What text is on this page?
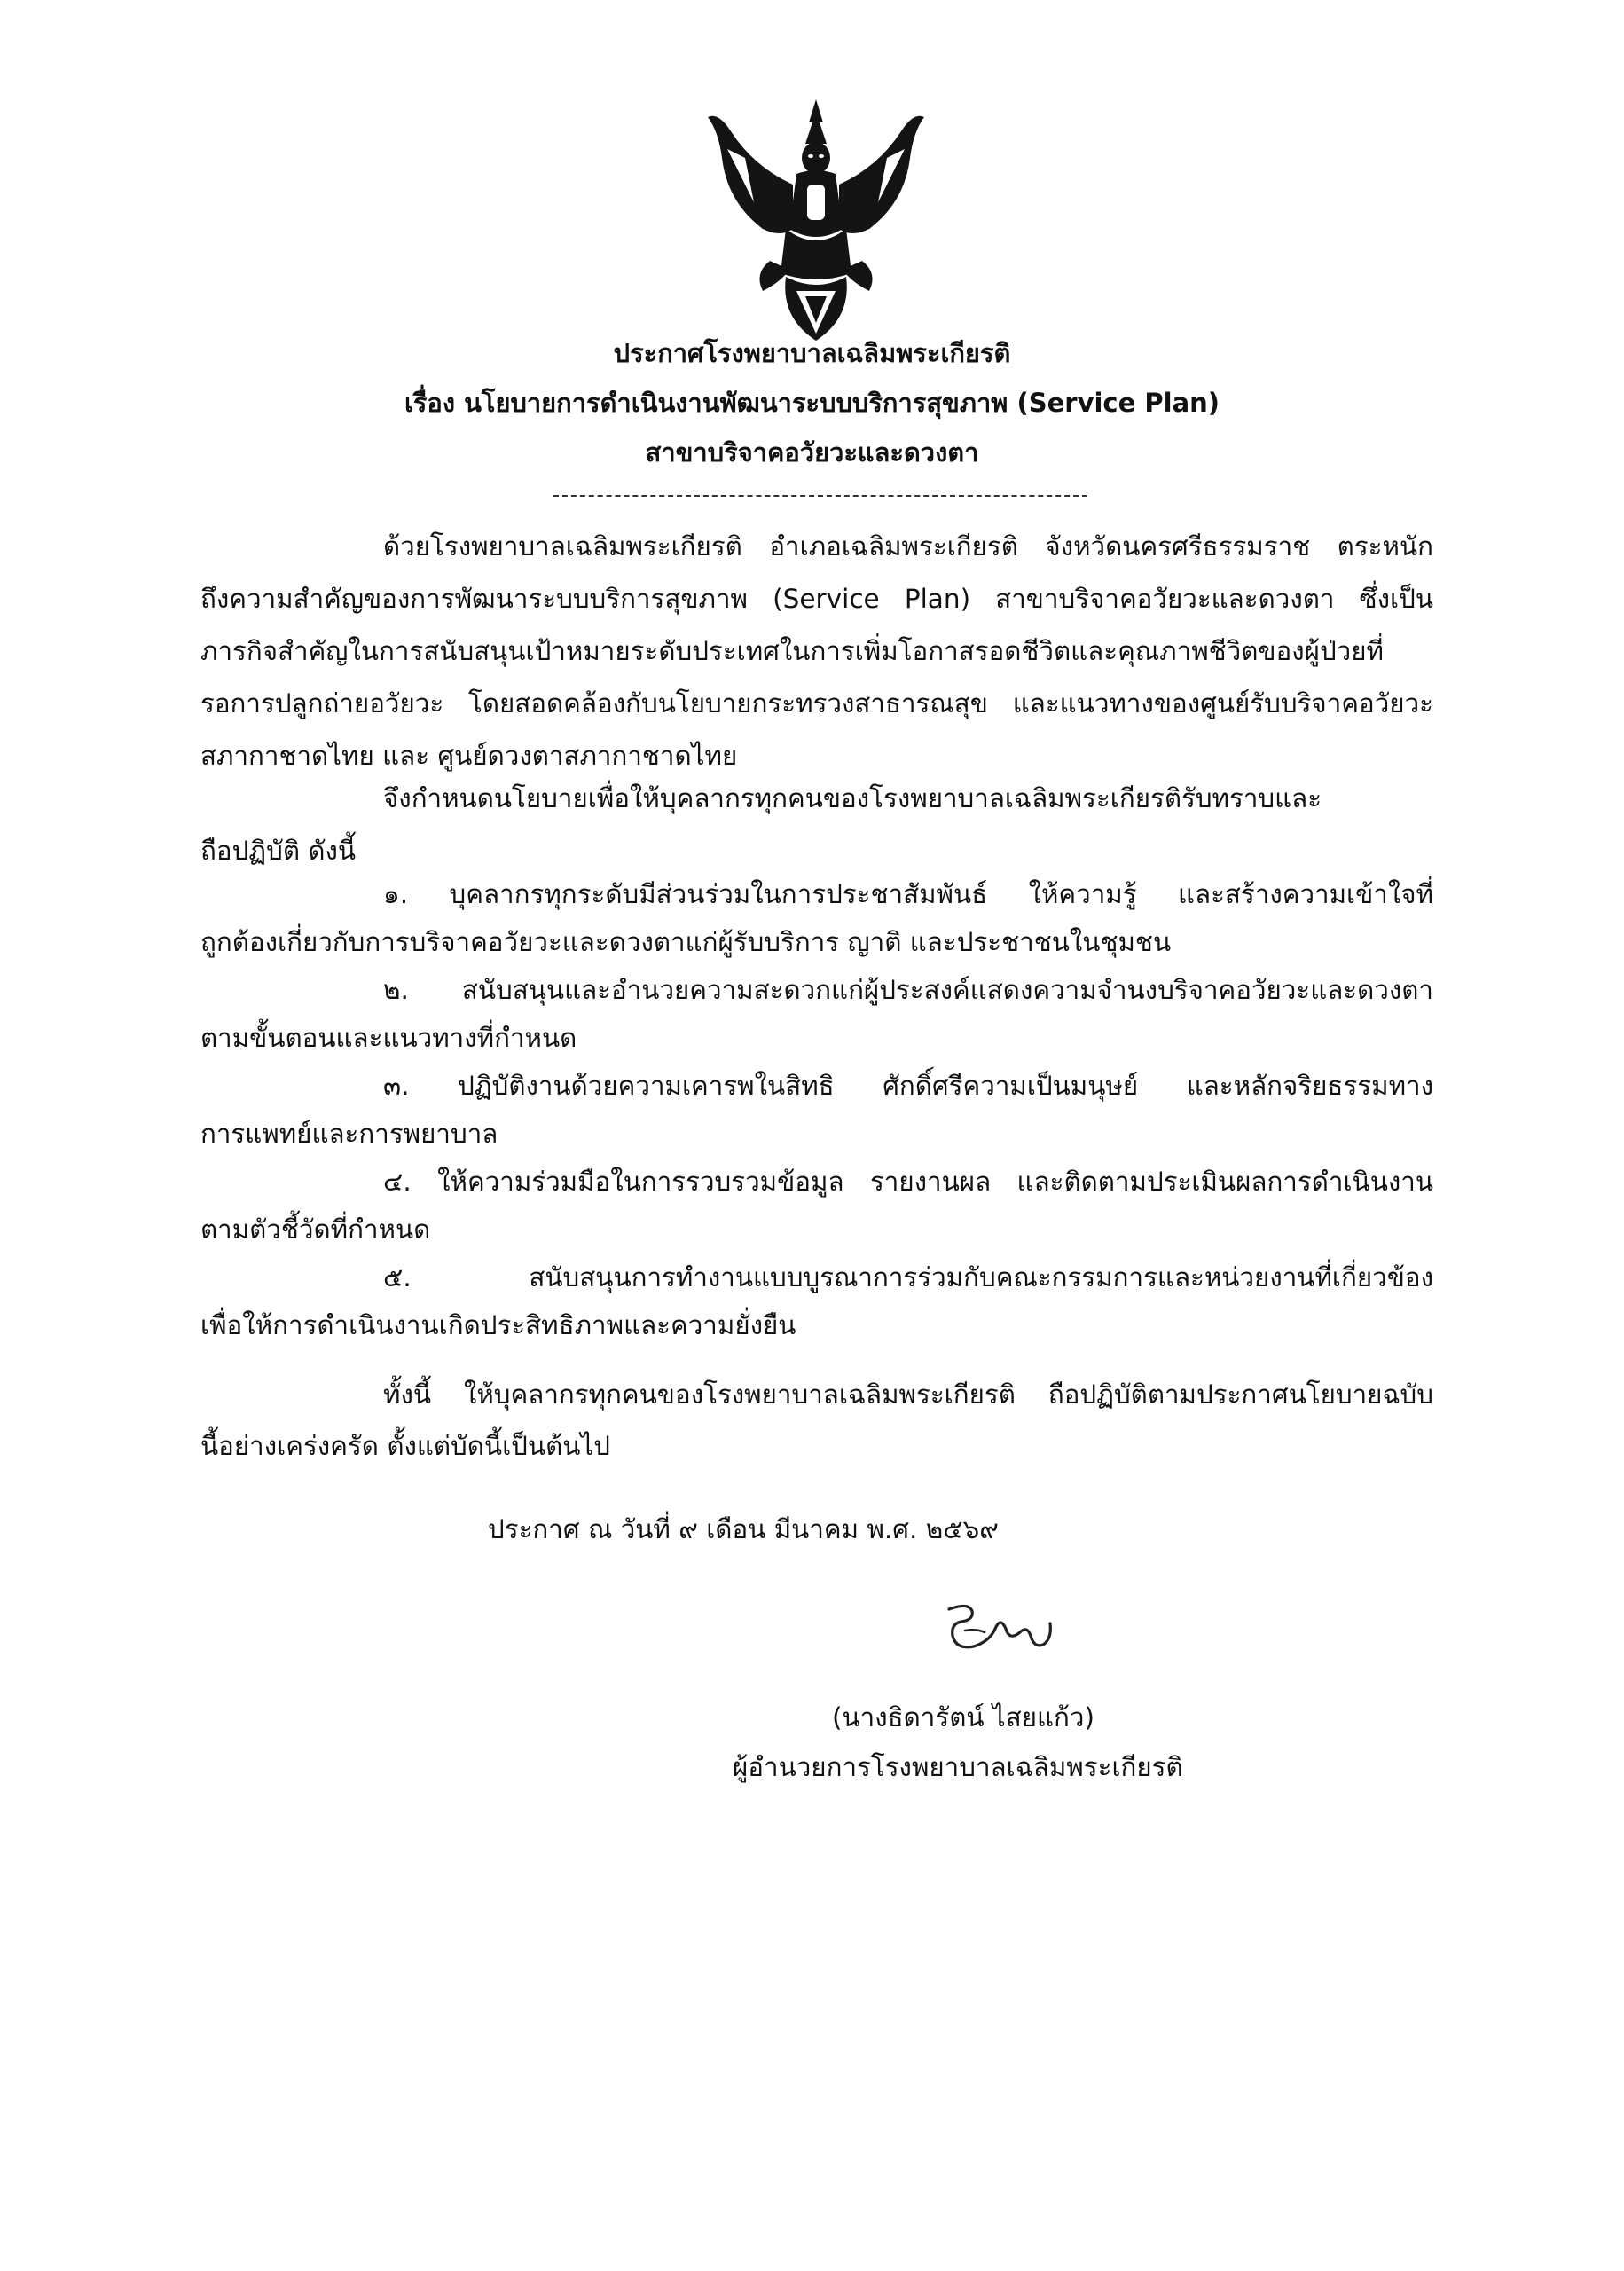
ประกาศโรงพยาบาลเฉลิมพระเกียรติ
เรื่อง นโยบายการดำเนินงานพัฒนาระบบบริการสุขภาพ (Service Plan)
สาขาบริจาคอวัยวะและดวงตา
ด้วยโรงพยาบาลเฉลิมพระเกียรติ อำเภอเฉลิมพระเกียรติ จังหวัดนครศรีธรรมราช ตระหนัก
ถึงความสำคัญของการพัฒนาระบบบริการสุขภาพ (Service Plan) สาขาบริจาคอวัยวะและดวงตา ซึ่งเป็น
ภารกิจสำคัญในการสนับสนุนเป้าหมายระดับประเทศในการเพิ่มโอกาสรอดชีวิตและคุณภาพชีวิตของผู้ป่วยที่
รอการปลูกถ่ายอวัยวะ โดยสอดคล้องกับนโยบายกระทรวงสาธารณสุข และแนวทางของศูนย์รับบริจาคอวัยวะ
สภากาชาดไทย และ ศูนย์ดวงตาสภากาชาดไทย
จึงกำหนดนโยบายเพื่อให้บุคลากรทุกคนของโรงพยาบาลเฉลิมพระเกียรติรับทราบและ
ถือปฏิบัติ ดังนี้
๑. บุคลากรทุกระดับมีส่วนร่วมในการประชาสัมพันธ์ ให้ความรู้ และสร้างความเข้าใจที่
ถูกต้องเกี่ยวกับการบริจาคอวัยวะและดวงตาแก่ผู้รับบริการ ญาติ และประชาชนในชุมชน
๒. สนับสนุนและอำนวยความสะดวกแก่ผู้ประสงค์แสดงความจำนงบริจาคอวัยวะและดวงตา
ตามขั้นตอนและแนวทางที่กำหนด
๓. ปฏิบัติงานด้วยความเคารพในสิทธิ ศักดิ์ศรีความเป็นมนุษย์ และหลักจริยธรรมทาง
การแพทย์และการพยาบาล
๔. ให้ความร่วมมือในการรวบรวมข้อมูล รายงานผล และติดตามประเมินผลการดำเนินงาน
ตามตัวชี้วัดที่กำหนด
๕. สนับสนุนการทำงานแบบบูรณาการร่วมกับคณะกรรมการและหน่วยงานที่เกี่ยวข้อง
เพื่อให้การดำเนินงานเกิดประสิทธิภาพและความยั่งยืน
ทั้งนี้ ให้บุคลากรทุกคนของโรงพยาบาลเฉลิมพระเกียรติ ถือปฏิบัติตามประกาศนโยบายฉบับ
นี้อย่างเคร่งครัด ตั้งแต่บัดนี้เป็นต้นไป
ประกาศ ณ วันที่ ๙ เดือน มีนาคม พ.ศ. ๒๕๖๙
(นางธิดารัตน์ ไสยแก้ว)
ผู้อำนวยการโรงพยาบาลเฉลิมพระเกียรติ
